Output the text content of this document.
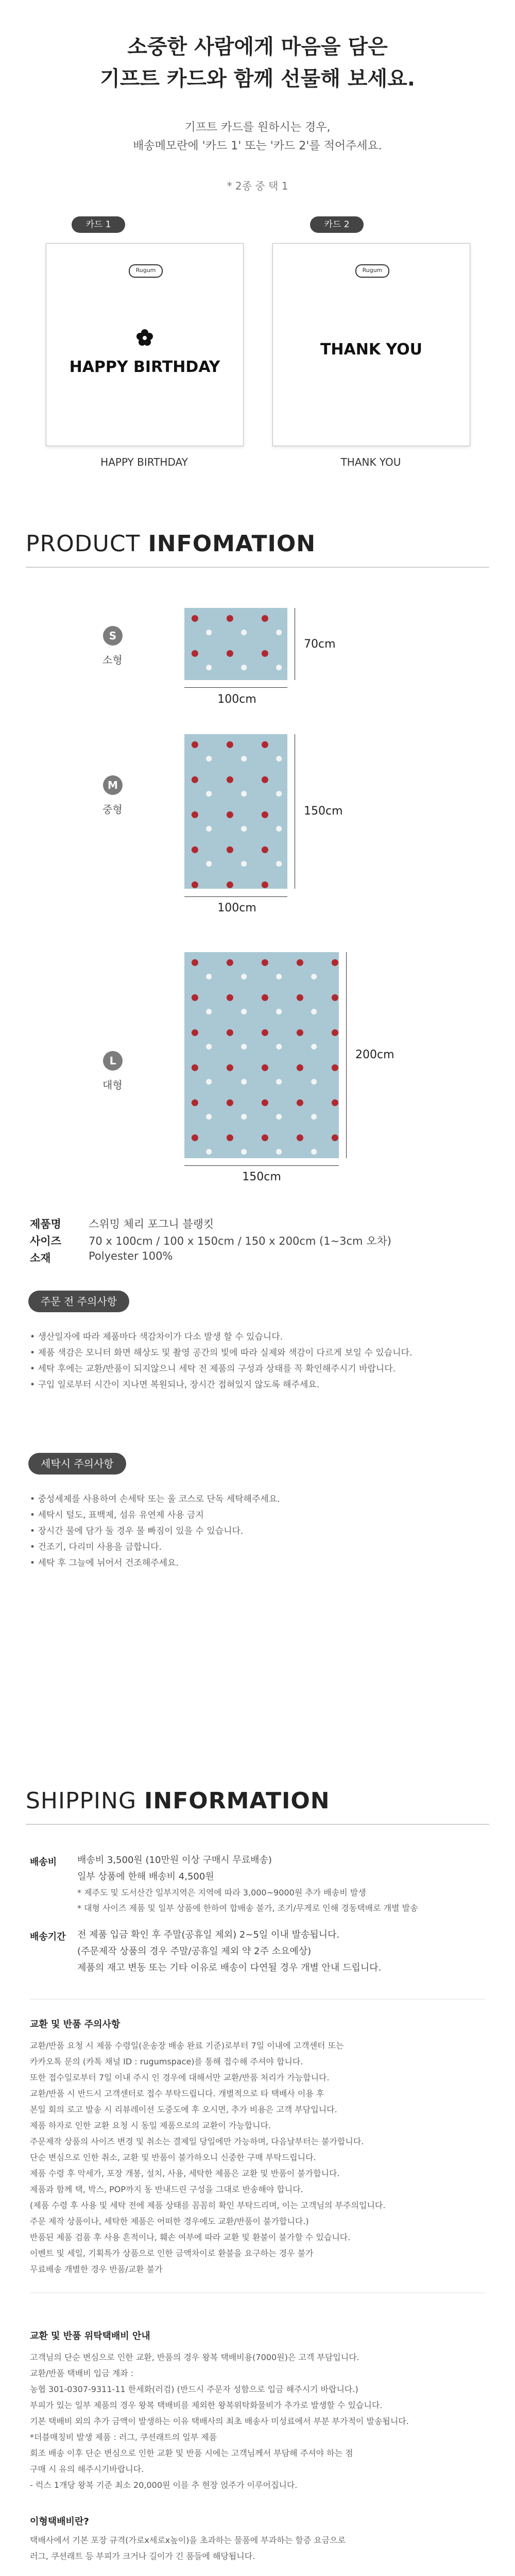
소중한 사람에게 마음을 담은
기프트 카드와 함께 선물해 보세요.
기프트 카드를 원하시는 경우,
배송메모란에 '카드 1' 또는 '카드 2'를 적어주세요.
* 2종 중 택 1
카드 1
Rugum
HAPPY BIRTHDAY
HAPPY BIRTHDAY
카드 2
Rugum
THANK YOU
THANK YOU
PRODUCT INFOMATION
S
소형
70cm
100cm
M
중형	150cm
100cm
L
대형
200cm
150cm
제품명	스위밍 체리 포그니 블랭킷
사이즈	70 x 100cm / 100 x 150cm / 150 x 200cm (1~3cm 오차)
소재	Polyester 100%
주문 전 주의사항
• 생산일자에 따라 제품마다 색감차이가 다소 발생 할 수 있습니다.
• 제품 색감은 모니터 화면 해상도 및 촬영 공간의 빛에 따라 실제와 색감이 다르게 보일 수 있습니다.
• 세탁 후에는 교환/반품이 되지않으니 세탁 전 제품의 구성과 상태를 꼭 확인해주시기 바랍니다.
• 구입 일로부터 시간이 지나면 복원되나, 장시간 접혀있지 않도록 해주세요.
세탁시 주의사항
• 중성세제를 사용하여 손세탁 또는 울 코스로 단독 세탁해주세요.
• 세탁시 털도, 표백제, 섬유 유연제 사용 금지
• 장시간 물에 담가 둘 경우 물 빠짐이 있을 수 있습니다.
• 건조기, 다리미 사용을 금합니다.
• 세탁 후 그늘에 뉘어서 건조해주세요.
SHIPPING INFORMATION
배송비 배송비 3,500원 (10만원 이상 구매시 무료배송)
일부 상품에 한해 배송비 4,500원
* 제주도 및 도서산간 일부지역은 지역에 따라 3,000~9000원 추가 배송비 발생
* 대형 사이즈 제품 및 일부 상품에 한하여 합배송 불가, 조기/무게로 인해 경동택배로 개별 발송
배송기간 전 제품 입금 확인 후 주말(공휴일 제외) 2~5일 이내 발송됩니다.
(주문제작 상품의 경우 주말/공휴일 제외 약 2주 소요예상)
제품의 재고 변동 또는 기타 이유로 배송이 다연될 경우 개별 안내 드립니다.
교환 및 반품 주의사항
교환/반품 요청 시 제품 수령일(운송장 배송 완료 기준)로부터 7일 이내에 고객센터 또는
카카오톡 문의 (카톡 채널 ID : rugumspace)를 통해 접수해 주셔야 합니다.
또한 접수일로부터 7일 이내 주시 인 경우에 대해서만 교환/반품 처리가 가능합니다.
교환/반품 시 반드시 고객센터로 접수 부탁드립니다. 개별적으로 타 택배사 이용 후
본일 회의 로고 발송 시 리뷰레이션 도중도에 후 오시면, 추가 비용은 고객 부담입니다.
제품 하자로 인한 교환 요청 시 동일 제품으로의 교환이 가능합니다.
주문제작 상품의 사이즈 변경 및 취소는 결제일 당일에만 가능하며, 다음날부터는 불가합니다.
단순 변심으로 인한 취소, 교환 및 반품이 불가하오니 신중한 구매 부탁드립니다.
제품 수령 후 악세가, 포장 개봉, 설치, 사용, 세탁한 제품은 교환 및 반품이 불가합니다.
제품과 함께 택, 박스, POP까지 동 반내드린 구성을 그대로 반송해야 합니다.
(제품 수령 후 사용 및 세탁 전에 제품 상태를 꼼꼼히 확인 부탁드리며, 이는 고객님의 부주의입니다.
주문 제작 상품이나, 세탁한 제품은 어떠한 경우에도 교환/반품이 불가합니다.)
반품된 제품 검품 후 사용 흔적이나, 훼손 여부에 따라 교환 및 환불이 불가할 수 있습니다.
이벤트 및 세일, 기획특가 상품으로 인한 금액차이로 환불을 요구하는 경우 불가
무료배송 개별한 경우 반품/교환 불가
교환 및 반품 위탁택배비 안내
고객님의 단순 변심으로 인한 교환, 반품의 경우 왕복 택배비용(7000원)은 고객 부담입니다.
교환/반품 택배비 입금 계좌 :
농협 301-0307-9311-11 한세화(러검) (반드시 주문자 성함으로 입금 해주시기 바랍니다.)
부피가 있는 일부 제품의 경우 왕복 택배비를 제외한 왕복위탁화물비가 추가로 발생할 수 있습니다.
기본 택배비 외의 추가 금액이 발생하는 이유 택배사의 최초 배송사 미성료에서 부분 부가적이 발송됩니다.
*더블매칭비 발생 제품 : 러그, 쿠션래트의 일부 제품
회조 배송 이후 단순 변심으로 인한 교환 및 반품 시에는 고객님께서 부담해 주셔야 하는 점
구매 시 유의 해주시기바랍니다.
- 럭스 1개당 왕복 기준 최소 20,000원 이를 추 현장 얹주가 이루어집니다.
이형택배비란?
택배사에서 기본 포장 규격(가로x세로x높이)을 초과하는 물품에 부과하는 할증 요금으로
러그, 쿠션래트 등 부피가 크거나 길이가 긴 품들에 해당됩니다.
